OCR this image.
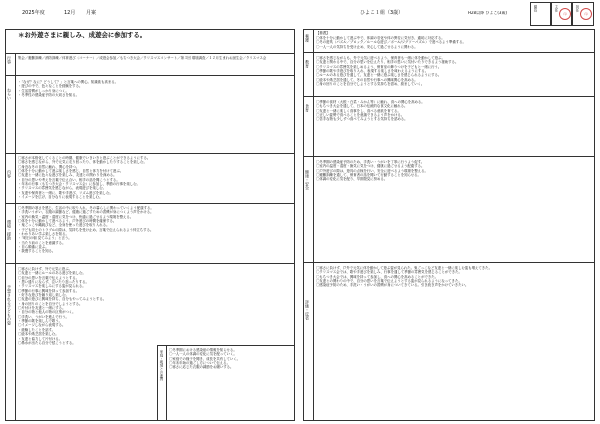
2025年度	12月 月案	ひよこ１組（3歳）	H28以降 ひよこ(3歳)
園長	主任
印
担任
印
＊お外遊さまに親しみ、成遊会に参加する。
行事 集会／避難訓練／消防訓練／体育遊び（コーナー）／成遊会参加／もちつき大会／クリスマスコンサート／第３回 環境調査／１２月生まれお誕生会／クリスマス会
ねらい
・「なぜ？なに？どうして？」と言葉への関心。知識欲も高まる。
・遊びの中で、色々なことを経験をする。
・生活習慣がしっかり身につく。
・冬季性の感染症予防の大切さを知る。
内容
〇寒さが本格化してくることの時期、健康でいきいきと遊ぶことができるようにする。
〇寒さを感じながら、外で元気に走り回ったり、体を動かしたりすることを楽しむ。
〇身近な冬の自然に触れ、関心を持つ。
〇体を十分に動かして遊ぶ楽しさを感じ、自然と体力を付けて遊ぶ。
〇友達と一緒に色々な遊びを楽しみ、友達との関わりを深める。
・自分の思いや考えを言葉で伝え合い、相手の話を聞こうとする。
・年末の行事（もちつき大会・クリスマス会）に参加し、季節の行事を楽しむ。
・クリスマスの雰囲気を感じながら、表現遊びを楽しむ。
・友達や保育者と一緒に、歌や手遊び、リズム遊びを楽しむ。
・イメージを広げ、自分なりに表現することを楽しむ。
環境・援助
〇冬季期の寒さを感じ、生活の中に取り入れ、冬の暮らしに関わっていくよう配慮する。
・手洗いうがい、衣服の調節など、健康に過ごすための習慣が身につくよう声をかける。
・室内の換気・温度・湿度に気をつけ、快適に過ごせるよう環境を整える。
〇体を十分に動かして遊べるよう、戸外遊びの時間を確保する。
・鬼ごっこや縄跳びなど、全身を使った遊びを取り入れる。
・子ども同士のトラブルの際は、気持ちを受け止め、言葉で伝えられるよう仲立ちする。
・わかりあい学ぶ楽しさを知る。
・「明日の朝 見てみよう」と言う。
・当たり前のことを意識する。
・自ら順番に並ぶ。
・我慢することを知る。
予想される子どもの姿
〇寒さに負けず、外で元気に遊ぶ。
〇友達と一緒にルールのある遊びを楽しむ。
〇自分の思いを言葉で伝えようとする。
・思い通りにならず、泣いたり怒ったりする。
・クリスマスを楽しみにする姿が見られる。
〇季節の行事に興味を持って参加する。
・好きな遊びを繰り返し楽しむ。
〇友達の遊びに興味を持ち、自分もやってみようとする。
・身の回りのことを自分でしようとする。
〇片付けを友達と一緒にする。
・自分の物と他人の物の区別がつく。
〇手洗い、うがいを進んで行う。
・季節の歌を楽しんで歌う。
〇イメージしながら表現する。
・経験したことを話す。
〇絵本や紙芝居を楽しむ。
・友達と協力して片付ける。
〇鼻水が出たら自分で拭こうとする。
家庭・地域との連携 〇冬季期における感染症の情報を知らせる。
〇一人一人の体調の変化に気を配っていく。
〇家庭での様子を聞き、成長を共有していく。
〇年末年始の過ごし方について伝える。
〇寒さに応じた衣服の調節をお願いする。
養護
【養護】
〇体を十分に動かして遊ぶ中で、体調の変化や体の異変に気付き、適切に対応する。
〇冬の遊具（パズル／ブロック／ルールな遊び／ボール/ジグソーパズル）で遊べるよう準備する。
〇一人一人の気持ちを受け止め、安心して過ごせるように関わる。
教育
〇寒さを感じながらも、外で元気に遊べるよう、保育者も一緒に体を動かして遊ぶ。
〇友達と関わる中で、自分の思いを伝えたり、相手の思いに気付いたりできるよう援助する。
〇クリスマスの雰囲気を楽しめるよう、保育室の飾りつけを子どもと一緒に行う。
〇季節の歌や手遊びを取り入れ、表現する楽しさを味わえるようにする。
〇ルールのある遊びを通して、友達と一緒に遊ぶ楽しさを感じられるようにする。
〇絵本や紙芝居を通して、冬の自然や行事への興味関心を高める。
〇身の回りのことを自分でしようとする気持ちを認め、励ましていく。
食育
〇季節の食材（大根・白菜・みかん等）に触れ、食への関心を高める。
〇もちつき大会を通して、日本の伝統的な食文化に触れる。
〇友達と一緒に楽しく食事をし、食べる意欲を育てる。
〇正しい姿勢で食べることを意識できるよう声をかける。
〇苦手な物も少しずつ食べてみようとする気持ちを認める。
健康・安全
〇冬季期の感染症予防のため、手洗い・うがいを丁寧に行うよう促す。
〇室内の温度・湿度・換気に気をつけ、健康に過ごせるよう配慮する。
〇戸外遊びの際は、遊具の点検を行い、安全に遊べるよう環境を整える。
〇避難訓練を通して、保育者の話を聞いて行動することを知らせる。
〇体調の変化に気を配り、早期発見に努める。
評価・反省
〇寒さに負けず、戸外で元気に体を動かして遊ぶ姿が見られた。鬼ごっこなど友達と一緒に楽しむ姿も増えてきた。
〇クリスマス会では、歌や手遊びを楽しみ、行事を通して季節の雰囲気を感じることができた。
〇もちつき大会では、興味を持って参加し、食への関心を高めることができた。
〇友達との関わりの中で、自分の思いを言葉で伝えようとする姿が見られるようになってきた。
〇感染症予防のため、手洗い・うがいの習慣が身についてきている。引き続き声をかけていきたい。
